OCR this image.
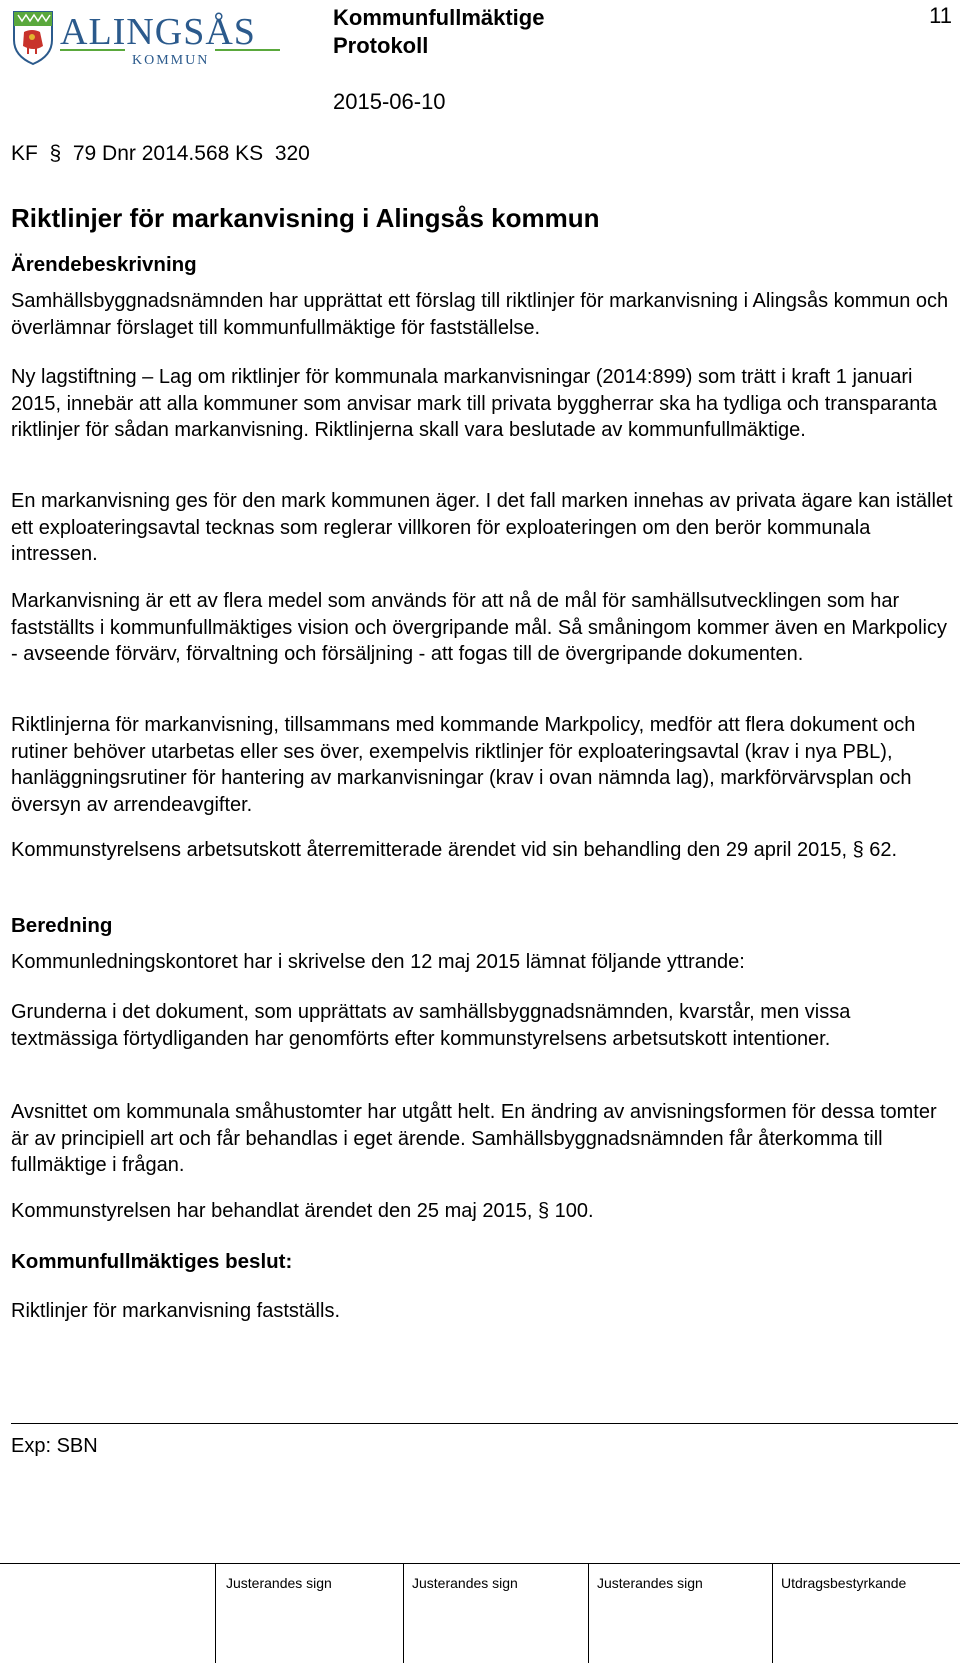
ALINGSÅS
KOMMUN
Kommunfullmäktige
Protokoll
2015-06-10
11
KF  §  79 Dnr 2014.568 KS  320
Riktlinjer för markanvisning i Alingsås kommun
Ärendebeskrivning
Samhällsbyggnadsnämnden har upprättat ett förslag till riktlinjer för markanvisning i Alingsås kommun och överlämnar förslaget till kommunfullmäktige för fastställelse.
Ny lagstiftning – Lag om riktlinjer för kommunala markanvisningar (2014:899) som trätt i kraft 1 januari 2015, innebär att alla kommuner som anvisar mark till privata byggherrar ska ha tydliga och transparanta riktlinjer för sådan markanvisning. Riktlinjerna skall vara beslutade av kommunfullmäktige.
En markanvisning ges för den mark kommunen äger. I det fall marken innehas av privata ägare kan istället ett exploateringsavtal tecknas som reglerar villkoren för exploateringen om den berör kommunala intressen.
Markanvisning är ett av flera medel som används för att nå de mål för samhällsutvecklingen som har fastställts i kommunfullmäktiges vision och övergripande mål. Så småningom kommer även en Markpolicy - avseende förvärv, förvaltning och försäljning - att fogas till de övergripande dokumenten.
Riktlinjerna för markanvisning, tillsammans med kommande Markpolicy, medför att flera dokument och rutiner behöver utarbetas eller ses över, exempelvis riktlinjer för exploateringsavtal (krav i nya PBL), hanläggningsrutiner för hantering av markanvisningar (krav i ovan nämnda lag), markförvärvsplan och översyn av arrendeavgifter.
Kommunstyrelsens arbetsutskott återremitterade ärendet vid sin behandling den 29 april 2015, § 62.
Beredning
Kommunledningskontoret har i skrivelse den 12 maj 2015 lämnat följande yttrande:
Grunderna i det dokument, som upprättats av samhällsbyggnadsnämnden, kvarstår, men vissa textmässiga förtydliganden har genomförts efter kommunstyrelsens arbetsutskott intentioner.
Avsnittet om kommunala småhustomter har utgått helt. En ändring av anvisningsformen för dessa tomter är av principiell art och får behandlas i eget ärende. Samhällsbyggnadsnämnden får återkomma till fullmäktige i frågan.
Kommunstyrelsen har behandlat ärendet den 25 maj 2015, § 100.
Kommunfullmäktiges beslut:
Riktlinjer för markanvisning fastställs.
Exp: SBN
Justerandes sign	Justerandes sign	Justerandes sign	Utdragsbestyrkande
